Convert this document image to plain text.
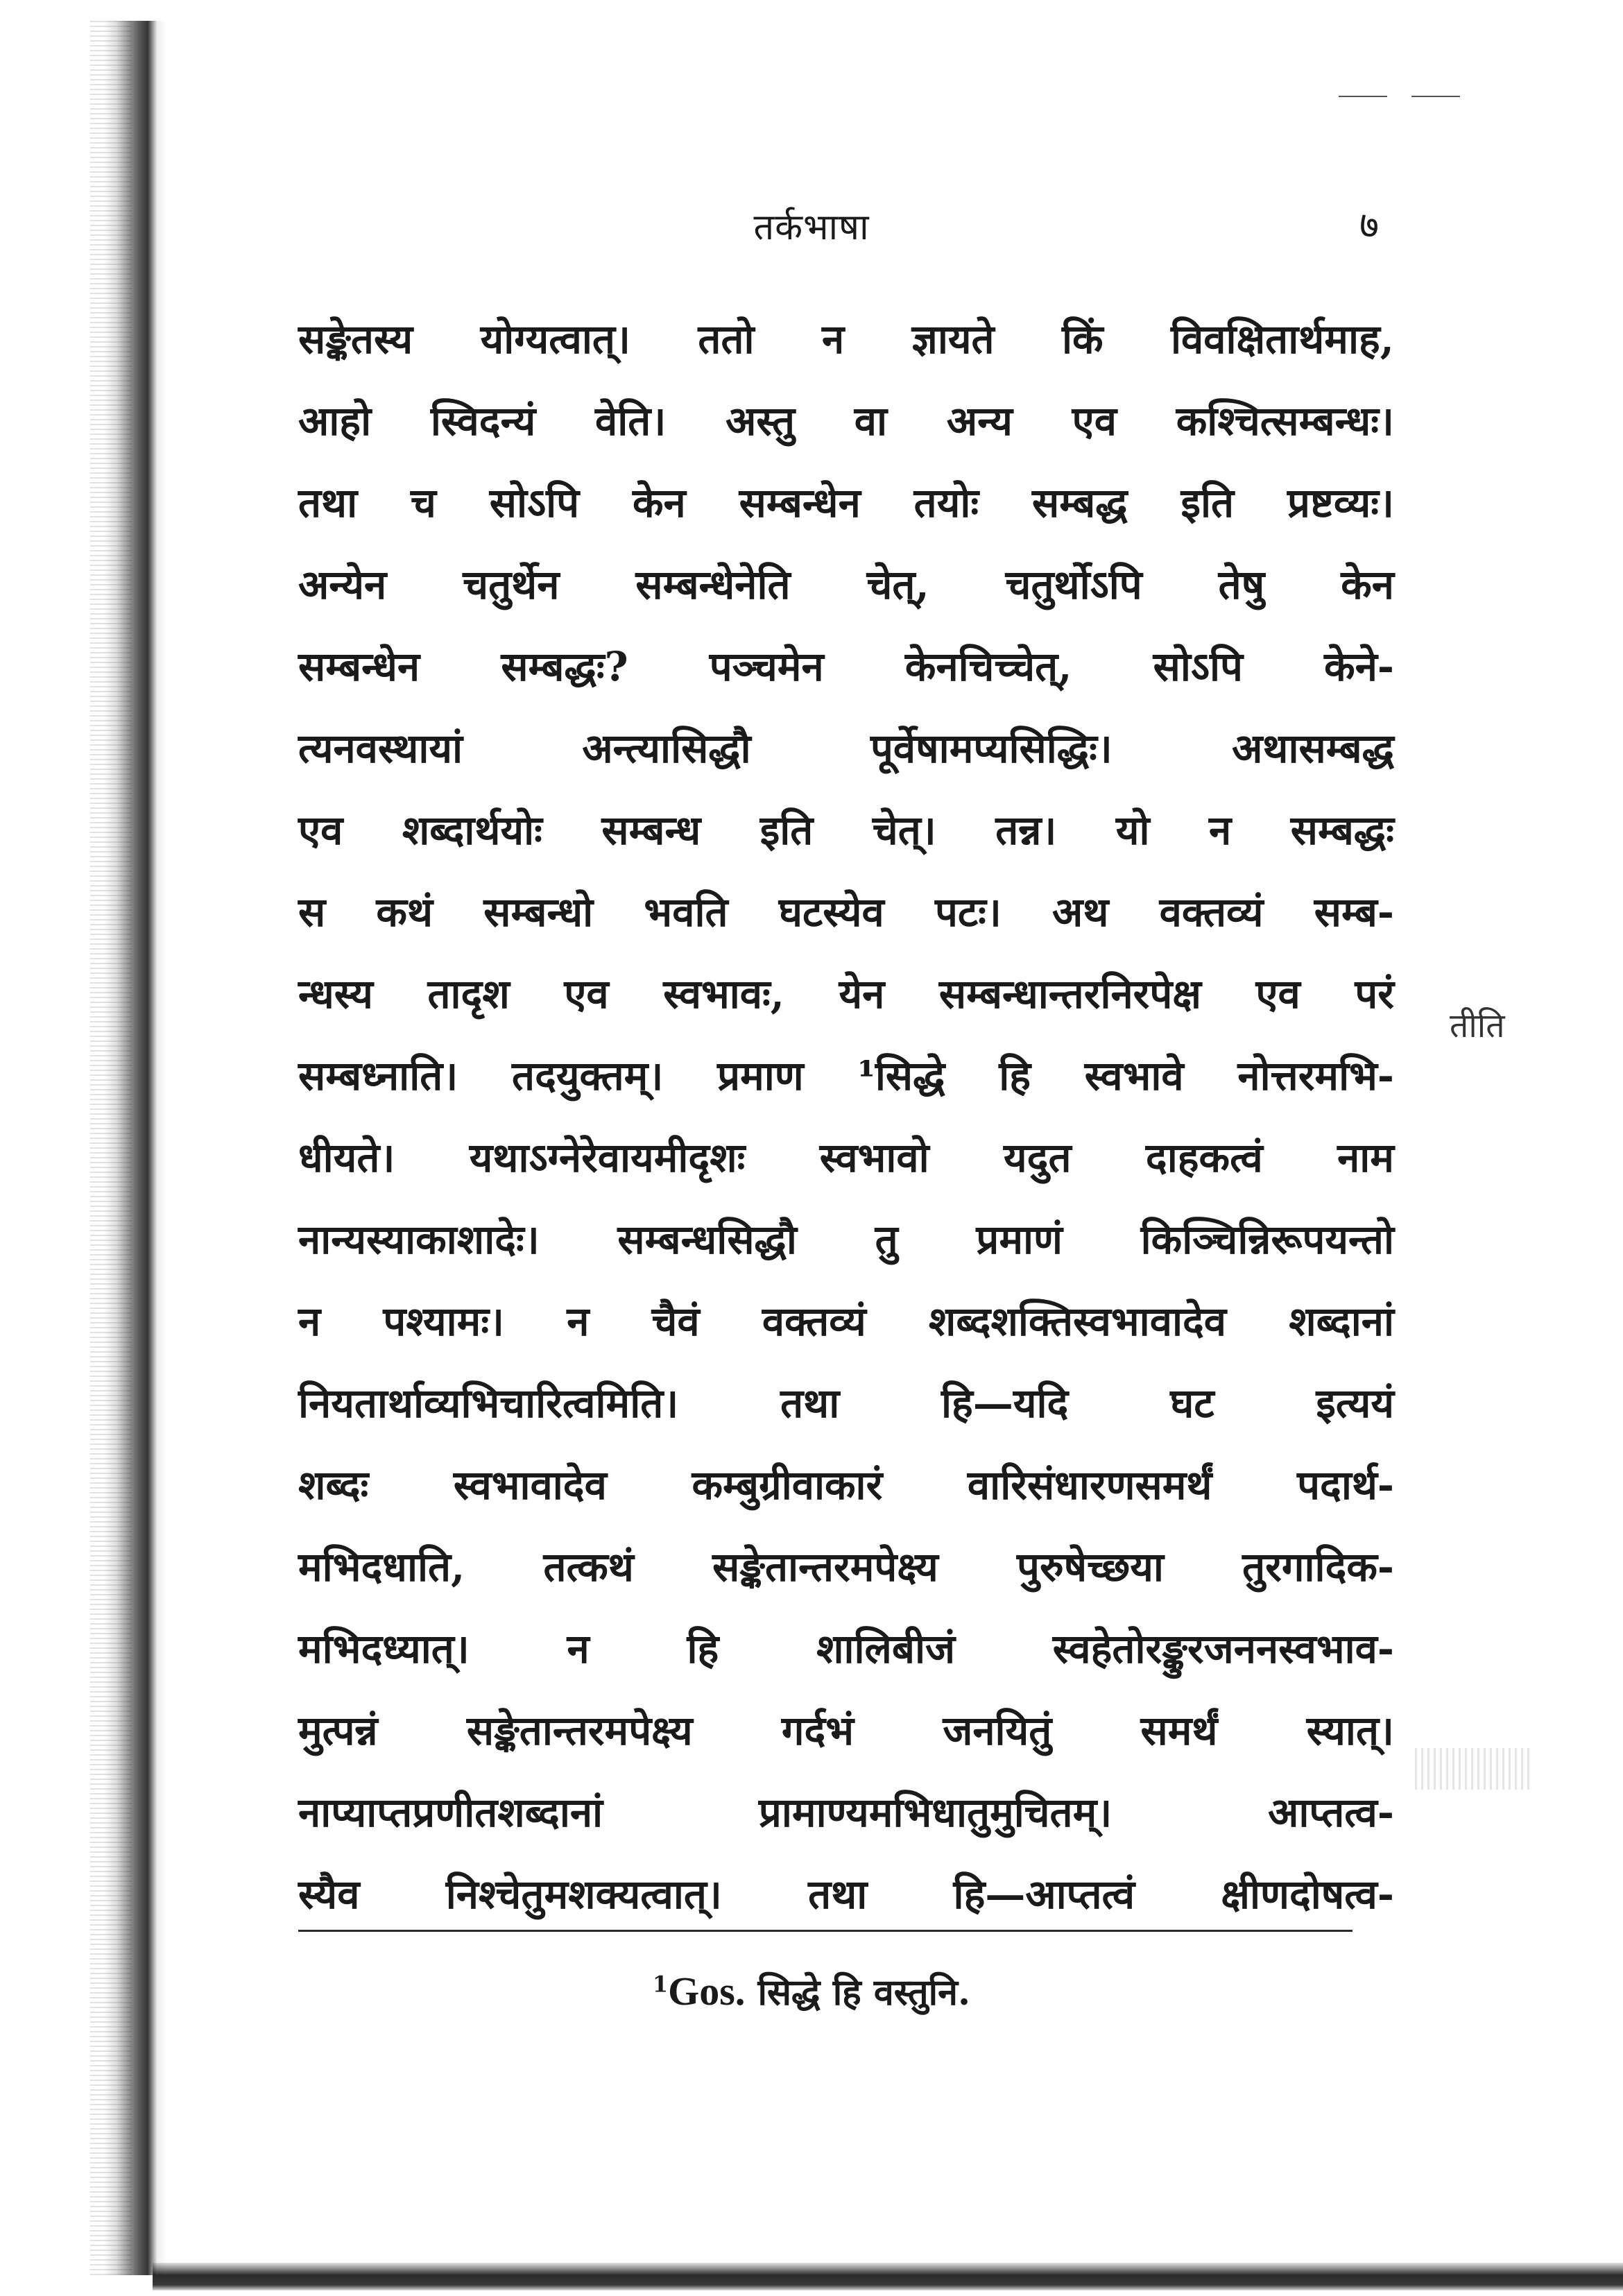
तर्कभाषा	७
सङ्केतस्य योग्यत्वात्। ततो न ज्ञायते किं विवक्षितार्थमाह,
आहो स्विदन्यं वेति। अस्तु वा अन्य एव कश्चित्सम्बन्धः।
तथा च सोऽपि केन सम्बन्धेन तयोः सम्बद्ध इति प्रष्टव्यः।
अन्येन चतुर्थेन सम्बन्धेनेति चेत्, चतुर्थोऽपि तेषु केन
सम्बन्धेन सम्बद्धः? पञ्चमेन केनचिच्चेत्, सोऽपि केने-
त्यनवस्थायां अन्त्यासिद्धौ पूर्वेषामप्यसिद्धिः। अथासम्बद्ध
एव शब्दार्थयोः सम्बन्ध इति चेत्। तन्न। यो न सम्बद्धः
स कथं सम्बन्धो भवति घटस्येव पटः। अथ वक्तव्यं सम्ब-
न्धस्य तादृश एव स्वभावः, येन सम्बन्धान्तरनिरपेक्ष एव परं
सम्बध्नाति। तदयुक्तम्। प्रमाण ¹सिद्धे हि स्वभावे नोत्तरमभि-
धीयते। यथाऽग्नेरेवायमीदृशः स्वभावो यदुत दाहकत्वं नाम
नान्यस्याकाशादेः। सम्बन्धसिद्धौ तु प्रमाणं किञ्चिन्निरूपयन्तो
न पश्यामः। न चैवं वक्तव्यं शब्दशक्तिस्वभावादेव शब्दानां
नियतार्थाव्यभिचारित्वमिति। तथा हि—यदि घट इत्ययं
शब्दः स्वभावादेव कम्बुग्रीवाकारं वारिसंधारणसमर्थं पदार्थ-
मभिदधाति, तत्कथं सङ्केतान्तरमपेक्ष्य पुरुषेच्छया तुरगादिक-
मभिदध्यात्। न हि शालिबीजं स्वहेतोरङ्कुरजननस्वभाव-
मुत्पन्नं सङ्केतान्तरमपेक्ष्य गर्दभं जनयितुं समर्थं स्यात्।
नाप्याप्तप्रणीतशब्दानां प्रामाण्यमभिधातुमुचितम्। आप्तत्व-
स्यैव निश्चेतुमशक्यत्वात्। तथा हि—आप्तत्वं क्षीणदोषत्व-
तीति
$^1$Gos. सिद्धे हि वस्तुनि.
